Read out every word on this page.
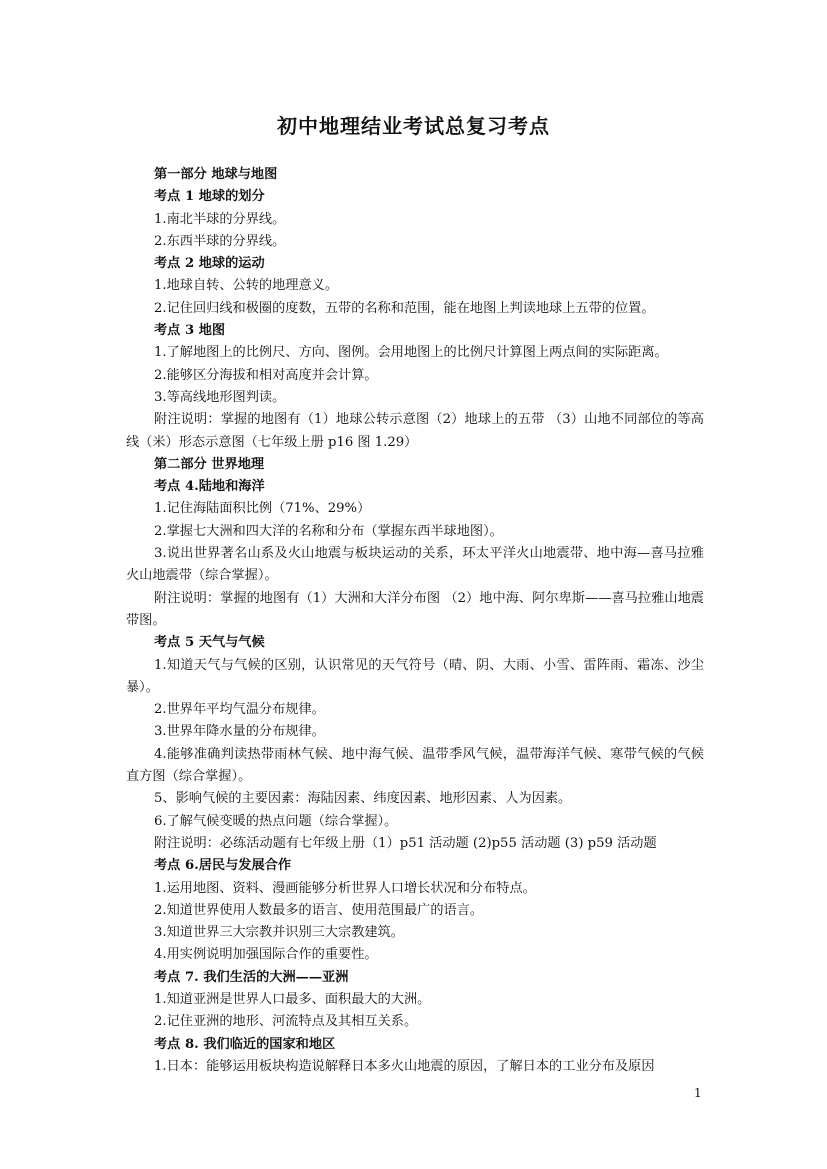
初中地理结业考试总复习考点
第一部分 地球与地图
考点 1 地球的划分
1.南北半球的分界线。
2.东西半球的分界线。
考点 2 地球的运动
1.地球自转、公转的地理意义。
2.记住回归线和极圈的度数，五带的名称和范围，能在地图上判读地球上五带的位置。
考点 3 地图
1.了解地图上的比例尺、方向、图例。会用地图上的比例尺计算图上两点间的实际距离。
2.能够区分海拔和相对高度并会计算。
3.等高线地形图判读。
附注说明：掌握的地图有（1）地球公转示意图（2）地球上的五带 （3）山地不同部位的等高线（米）形态示意图（七年级上册 p16 图 1.29）
第二部分 世界地理
考点 4.陆地和海洋
1.记住海陆面积比例（71%、29%）
2.掌握七大洲和四大洋的名称和分布（掌握东西半球地图）。
3.说出世界著名山系及火山地震与板块运动的关系，环太平洋火山地震带、地中海—喜马拉雅火山地震带（综合掌握）。
附注说明：掌握的地图有（1）大洲和大洋分布图 （2）地中海、阿尔卑斯——喜马拉雅山地震带图。
考点 5 天气与气候
1.知道天气与气候的区别，认识常见的天气符号（晴、阴、大雨、小雪、雷阵雨、霜冻、沙尘暴）。
2.世界年平均气温分布规律。
3.世界年降水量的分布规律。
4.能够准确判读热带雨林气候、地中海气候、温带季风气候，温带海洋气候、寒带气候的气候直方图（综合掌握）。
5、影响气候的主要因素：海陆因素、纬度因素、地形因素、人为因素。
6.了解气候变暖的热点问题（综合掌握）。
附注说明：必练活动题有七年级上册（1）p51 活动题 (2)p55 活动题 (3) p59 活动题
考点 6.居民与发展合作
1.运用地图、资料、漫画能够分析世界人口增长状况和分布特点。
2.知道世界使用人数最多的语言、使用范围最广的语言。
3.知道世界三大宗教并识别三大宗教建筑。
4.用实例说明加强国际合作的重要性。
考点 7. 我们生活的大洲——亚洲
1.知道亚洲是世界人口最多、面积最大的大洲。
2.记住亚洲的地形、河流特点及其相互关系。
考点 8. 我们临近的国家和地区
1.日本：能够运用板块构造说解释日本多火山地震的原因，了解日本的工业分布及原因
1
